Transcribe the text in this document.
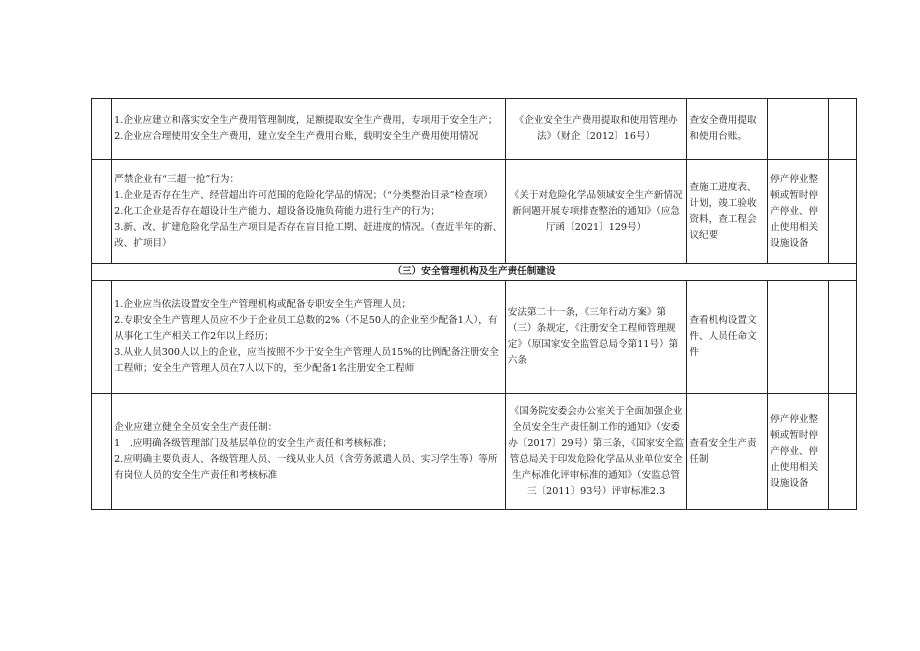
	1.企业应建立和落实安全生产费用管理制度，足额提取安全生产费用，专项用于安全生产；
2.企业应合理使用安全生产费用，建立安全生产费用台账，载明安全生产费用使用情况	《企业安全生产费用提取和使用管理办法》（财企〔2012〕16号）	查安全费用提取和使用台账。		

	严禁企业有“三超一抢”行为：
1.企业是否存在生产、经营超出许可范围的危险化学品的情况；（“分类整治目录”检查项）
2.化工企业是否存在超设计生产能力、超设备设施负荷能力进行生产的行为；
3.新、改、扩建危险化学品生产项目是否存在盲目抢工期、赶进度的情况。（查近半年的新、改、扩项目）	《关于对危险化学品领域安全生产新情况新问题开展专项排查整治的通知》（应急厅函〔2021〕129号）	查施工进度表、计划，竣工验收资料，查工程会议纪要	停产停业整顿或暂时停产停业、停止使用相关设施设备	
（三）安全管理机构及生产责任制建设					

	1.企业应当依法设置安全生产管理机构或配备专职安全生产管理人员；
2.专职安全生产管理人员应不少于企业员工总数的2%（不足50人的企业至少配备1人），有从事化工生产相关工作2年以上经历；
3.从业人员300人以上的企业，应当按照不少于安全生产管理人员15%的比例配备注册安全工程师；安全生产管理人员在7人以下的，至少配备1名注册安全工程师	安法第二十一条，《三年行动方案》第（三）条规定，《注册安全工程师管理规定》（原国家安全监管总局令第11号）第六条	查看机构设置文件、人员任命文件		

	企业应建立健全全员安全生产责任制：
1　.应明确各级管理部门及基层单位的安全生产责任和考核标准；
2.应明确主要负责人、各级管理人员、一线从业人员（含劳务派遣人员、实习学生等）等所有岗位人员的安全生产责任和考核标准	《国务院安委会办公室关于全面加强企业全员安全生产责任制工作的通知》（安委办〔2017〕29号）第三条，《国家安全监管总局关于印发危险化学品从业单位安全生产标准化评审标准的通知》（安监总管三〔2011〕93号）评审标准2.3	查看安全生产责任制	停产停业整顿或暂时停产停业、停止使用相关设施设备	
